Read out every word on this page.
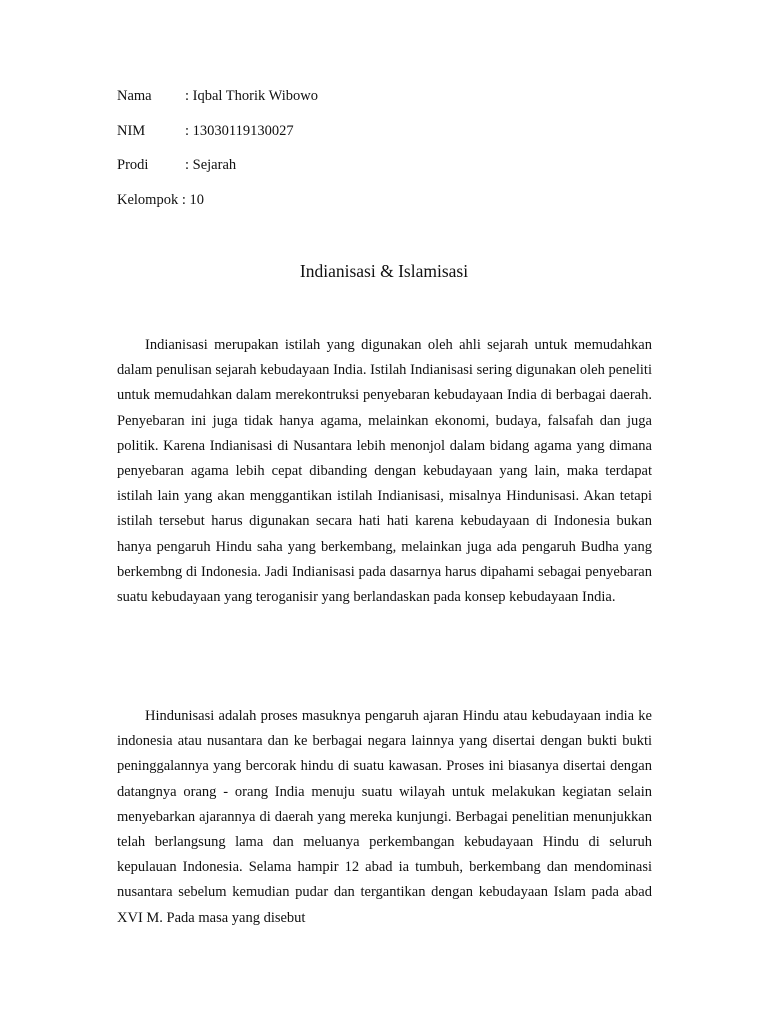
Nama : Iqbal Thorik Wibowo
NIM	: 13030119130027
Prodi	: Sejarah
Kelompok : 10
Indianisasi & Islamisasi

Indianisasi merupakan istilah yang digunakan oleh ahli sejarah untuk memudahkan dalam penulisan sejarah kebudayaan India. Istilah Indianisasi sering digunakan oleh peneliti untuk memudahkan dalam merekontruksi penyebaran kebudayaan India di berbagai daerah. Penyebaran ini juga tidak hanya agama, melainkan ekonomi, budaya, falsafah dan juga politik. Karena Indianisasi di Nusantara lebih menonjol dalam bidang agama yang dimana penyebaran agama lebih cepat dibanding dengan kebudayaan yang lain, maka terdapat istilah lain yang akan menggantikan istilah Indianisasi, misalnya Hindunisasi. Akan tetapi istilah tersebut harus digunakan secara hati hati karena kebudayaan di Indonesia bukan hanya pengaruh Hindu saha yang berkembang, melainkan juga ada pengaruh Budha yang berkembng di Indonesia. Jadi Indianisasi pada dasarnya harus dipahami sebagai penyebaran suatu kebudayaan yang teroganisir yang berlandaskan pada konsep kebudayaan India.

Hindunisasi adalah proses masuknya pengaruh ajaran Hindu atau kebudayaan india ke indonesia atau nusantara dan ke berbagai negara lainnya yang disertai dengan bukti bukti peninggalannya yang bercorak hindu di suatu kawasan. Proses ini biasanya disertai dengan datangnya orang - orang India menuju suatu wilayah untuk melakukan kegiatan selain menyebarkan ajarannya di daerah yang mereka kunjungi. Berbagai penelitian menunjukkan telah berlangsung lama dan meluanya perkembangan kebudayaan Hindu di seluruh kepulauan Indonesia. Selama hampir 12 abad ia tumbuh, berkembang dan mendominasi nusantara sebelum kemudian pudar dan tergantikan dengan kebudayaan Islam pada abad XVI M. Pada masa yang disebut
